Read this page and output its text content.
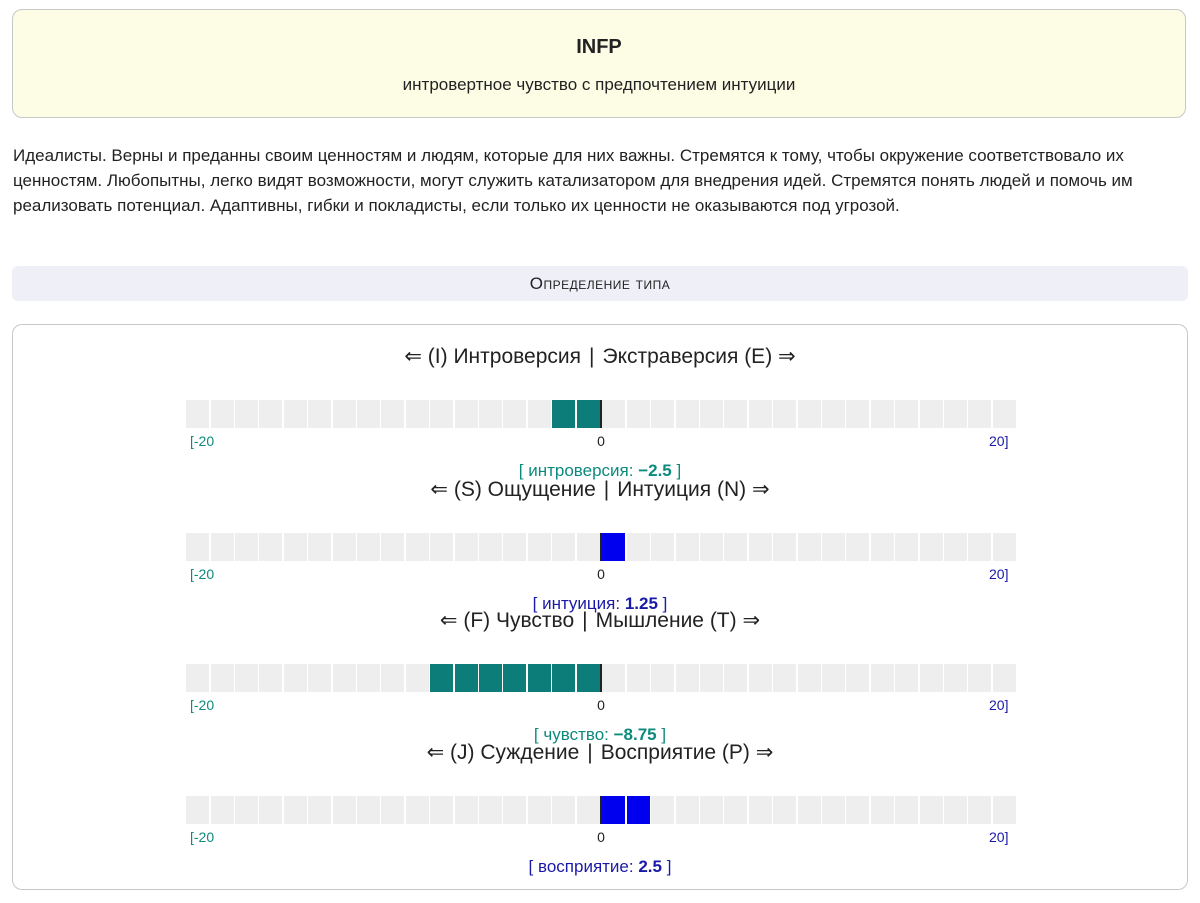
INFP
интровертное чувство с предпочтением интуиции

Идеалисты. Верны и преданны своим ценностям и людям, которые для них важны. Стремятся к тому, чтобы окружение соответствовало их ценностям. Любопытны, легко видят возможности, могут служить катализатором для внедрения идей. Стремятся понять людей и помочь им реализовать потенциал. Адаптивны, гибки и покладисты, если только их ценности не оказываются под угрозой.

Определение типа
⇐ (I) Интроверсия | Экстраверсия (E) ⇒
[-20	0	20]
[ интроверсия: −2.5 ]
⇐ (S) Ощущение | Интуиция (N) ⇒
[-20	0	20]
[ интуиция: 1.25 ]
⇐ (F) Чувство | Мышление (T) ⇒
[-20	0	20]
[ чувство: −8.75 ]
⇐ (J) Суждение | Восприятие (P) ⇒
[-20	0	20]
[ восприятие: 2.5 ]
